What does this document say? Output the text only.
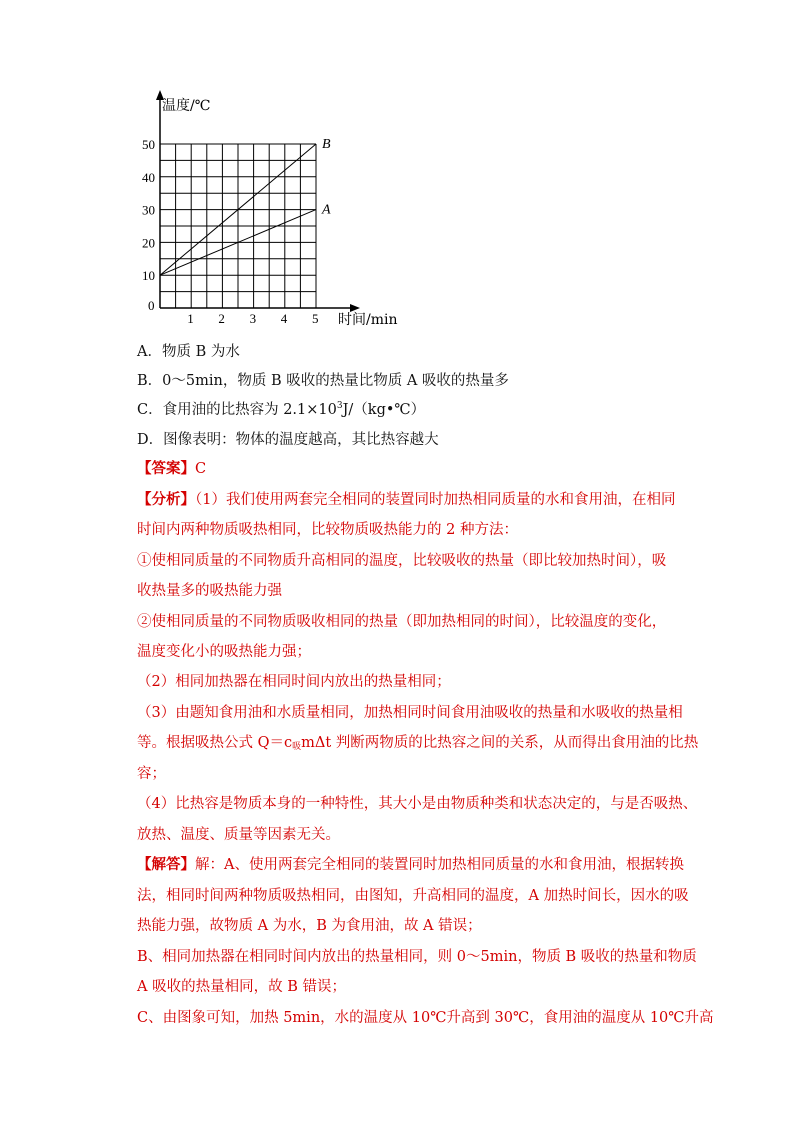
B
A
1 2 3 4 5
10
20
30
40
50
温度/℃
时间/min
0
A．物质 B 为水
B．0～5min，物质 B 吸收的热量比物质 A 吸收的热量多
C．食用油的比热容为 $2.1\times 10^3J/(kg•℃)$
D．图像表明：物体的温度越高，其比热容越大
【答案】C
【分析】（1）我们使用两套完全相同的装置同时加热相同质量的水和食用油，在相同
时间内两种物质吸热相同，比较物质吸热能力的 2 种方法：
①使相同质量的不同物质升高相同的温度，比较吸收的热量（即比较加热时间），吸
收热量多的吸热能力强
②使相同质量的不同物质吸收相同的热量（即加热相同的时间），比较温度的变化，
温度变化小的吸热能力强；
（2）相同加热器在相同时间内放出的热量相同；
（3）由题知食用油和水质量相同，加热相同时间食用油吸收的热量和水吸收的热量相
等。根据吸热公式 $Q=c_吸m\Delta t$ 判断两物质的比热容之间的关系，从而得出食用油的比热
容；
（4）比热容是物质本身的一种特性，其大小是由物质种类和状态决定的，与是否吸热、
放热、温度、质量等因素无关。
【解答】解：A、使用两套完全相同的装置同时加热相同质量的水和食用油，根据转换
法，相同时间两种物质吸热相同，由图知，升高相同的温度，A 加热时间长，因水的吸
热能力强，故物质 A 为水，B 为食用油，故 A 错误；
B、相同加热器在相同时间内放出的热量相同，则 0～5min，物质 B 吸收的热量和物质
A 吸收的热量相同，故 B 错误；
C、由图象可知，加热 5min，水的温度从 10℃升高到 30℃，食用油的温度从 10℃升高
